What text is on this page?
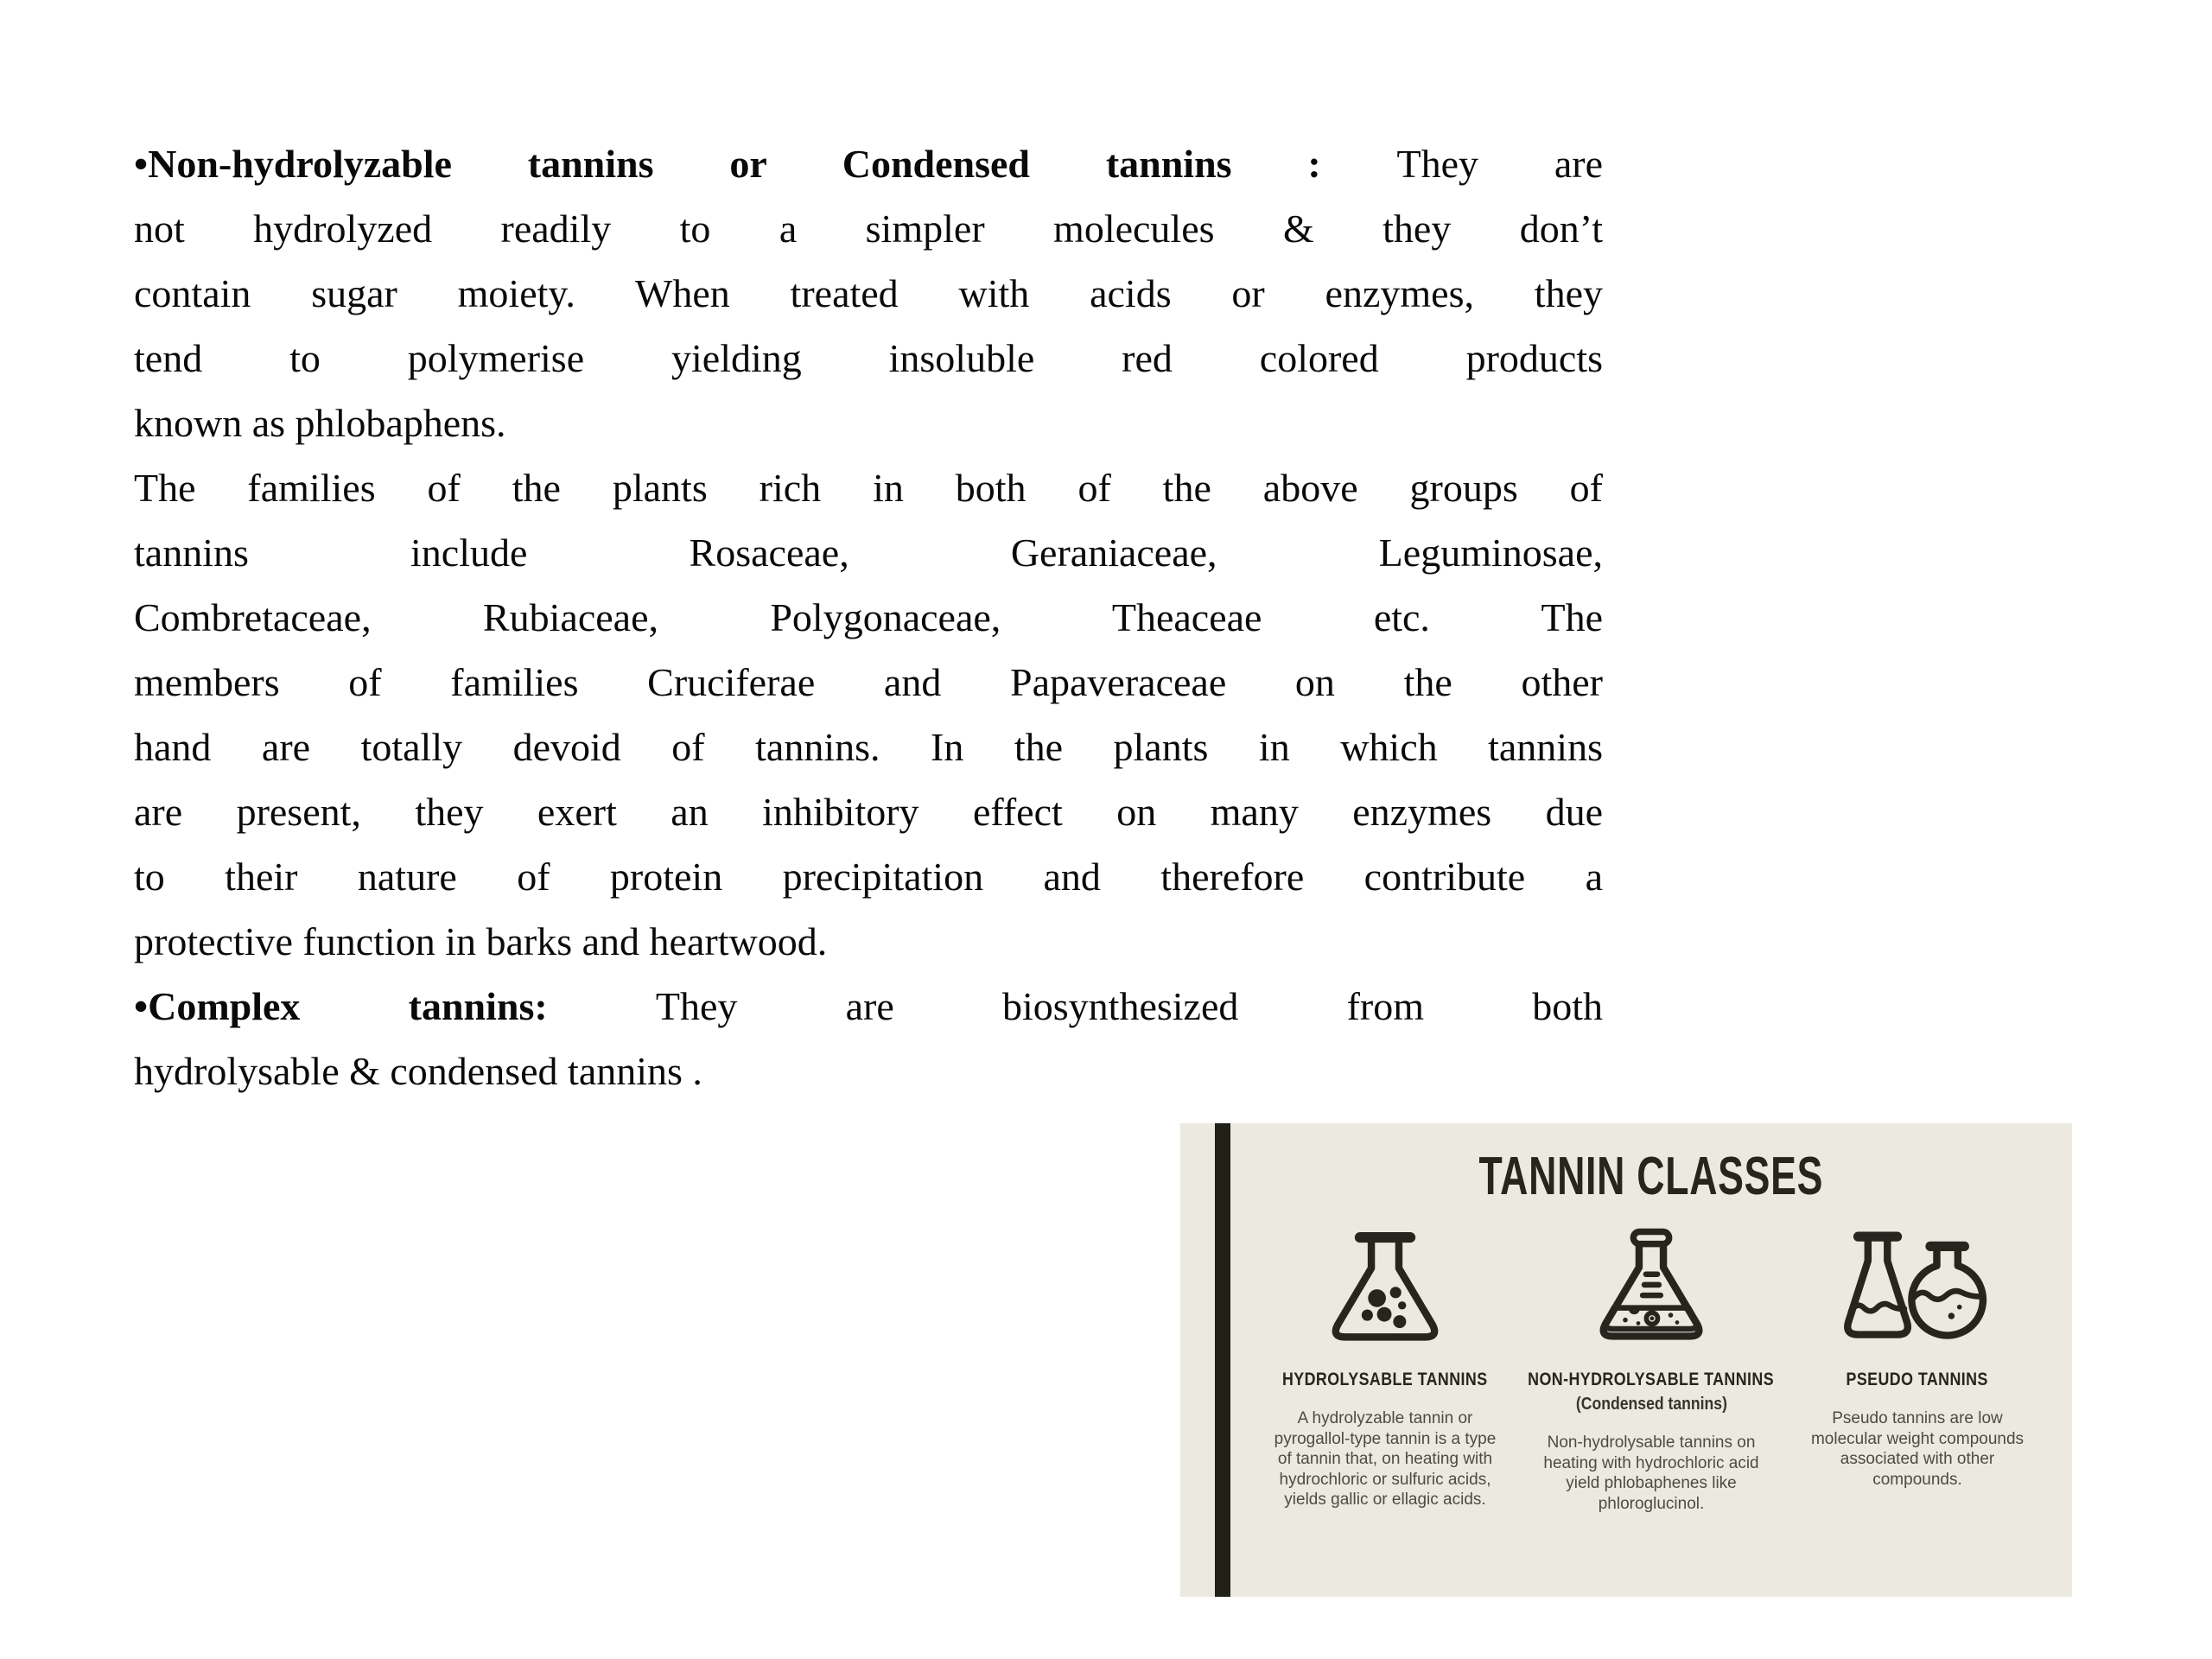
•Non-hydrolyzable tannins or Condensed tannins : They are
not hydrolyzed readily to a simpler molecules & they don’t
contain sugar moiety. When treated with acids or enzymes, they
tend to polymerise yielding insoluble red colored products
known as phlobaphens.
The families of the plants rich in both of the above groups of
tannins include Rosaceae, Geraniaceae, Leguminosae,
Combretaceae, Rubiaceae, Polygonaceae, Theaceae etc. The
members of families Cruciferae and Papaveraceae on the other
hand are totally devoid of tannins. In the plants in which tannins
are present, they exert an inhibitory effect on many enzymes due
to their nature of protein precipitation and therefore contribute a
protective function in barks and heartwood.
•Complex tannins: They are biosynthesized from both
hydrolysable & condensed tannins .
TANNIN CLASSES
HYDROLYSABLE TANNINS

A hydrolyzable tannin or pyrogallol-type tannin is a type of tannin that, on heating with hydrochloric or sulfuric acids, yields gallic or ellagic acids.

NON-HYDROLYSABLE TANNINS
(Condensed tannins)

Non-hydrolysable tannins on heating with hydrochloric acid yield phlobaphenes like phloroglucinol.

PSEUDO TANNINS

Pseudo tannins are low molecular weight compounds associated with other compounds.
